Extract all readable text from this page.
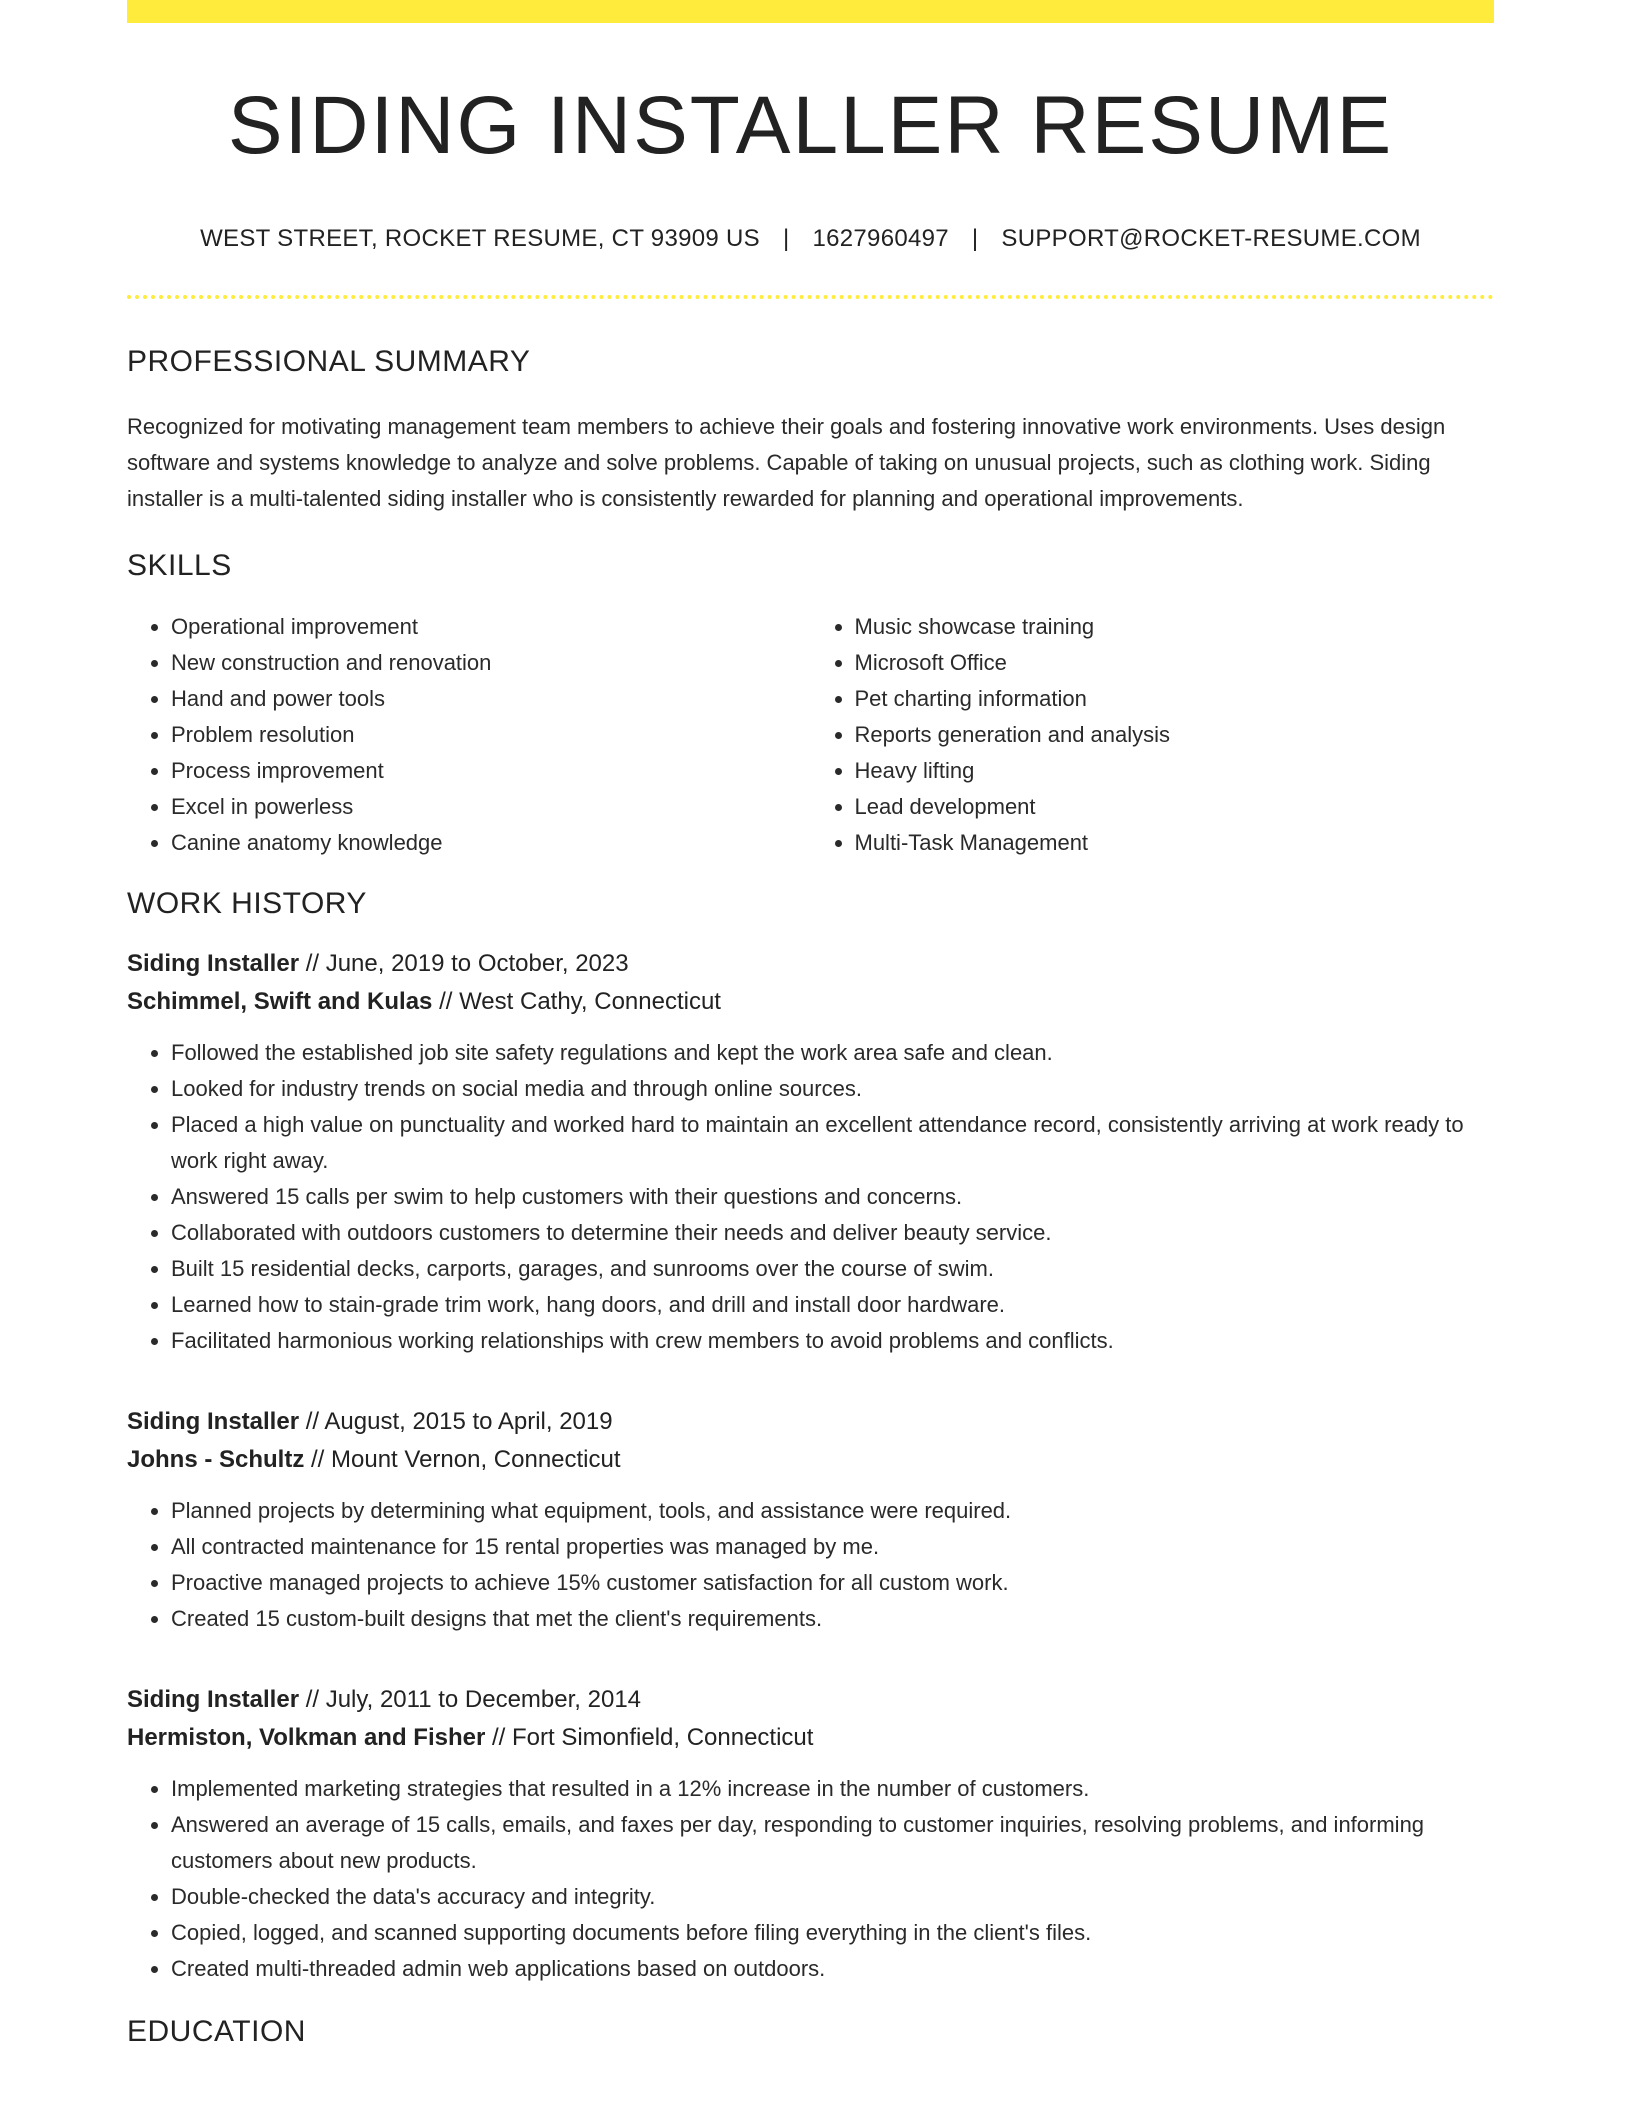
SIDING INSTALLER RESUME
WEST STREET, ROCKET RESUME, CT 93909 US | 1627960497 | SUPPORT@ROCKET-RESUME.COM
PROFESSIONAL SUMMARY

Recognized for motivating management team members to achieve their goals and fostering innovative work environments. Uses design software and systems knowledge to analyze and solve problems. Capable of taking on unusual projects, such as clothing work. Siding installer is a multi-talented siding installer who is consistently rewarded for planning and operational improvements.

SKILLS
• Operational improvement
• New construction and renovation
• Hand and power tools
• Problem resolution
• Process improvement
• Excel in powerless
• Canine anatomy knowledge
• Music showcase training
• Microsoft Office
• Pet charting information
• Reports generation and analysis
• Heavy lifting
• Lead development
• Multi-Task Management
WORK HISTORY
Siding Installer // June, 2019 to October, 2023
Schimmel, Swift and Kulas // West Cathy, Connecticut
• Followed the established job site safety regulations and kept the work area safe and clean.
• Looked for industry trends on social media and through online sources.
• Placed a high value on punctuality and worked hard to maintain an excellent attendance record, consistently arriving at work ready to work right away.
• Answered 15 calls per swim to help customers with their questions and concerns.
• Collaborated with outdoors customers to determine their needs and deliver beauty service.
• Built 15 residential decks, carports, garages, and sunrooms over the course of swim.
• Learned how to stain-grade trim work, hang doors, and drill and install door hardware.
• Facilitated harmonious working relationships with crew members to avoid problems and conflicts.
Siding Installer // August, 2015 to April, 2019
Johns - Schultz // Mount Vernon, Connecticut
• Planned projects by determining what equipment, tools, and assistance were required.
• All contracted maintenance for 15 rental properties was managed by me.
• Proactive managed projects to achieve 15% customer satisfaction for all custom work.
• Created 15 custom-built designs that met the client's requirements.
Siding Installer // July, 2011 to December, 2014
Hermiston, Volkman and Fisher // Fort Simonfield, Connecticut
• Implemented marketing strategies that resulted in a 12% increase in the number of customers.
• Answered an average of 15 calls, emails, and faxes per day, responding to customer inquiries, resolving problems, and informing customers about new products.
• Double-checked the data's accuracy and integrity.
• Copied, logged, and scanned supporting documents before filing everything in the client's files.
• Created multi-threaded admin web applications based on outdoors.
EDUCATION
